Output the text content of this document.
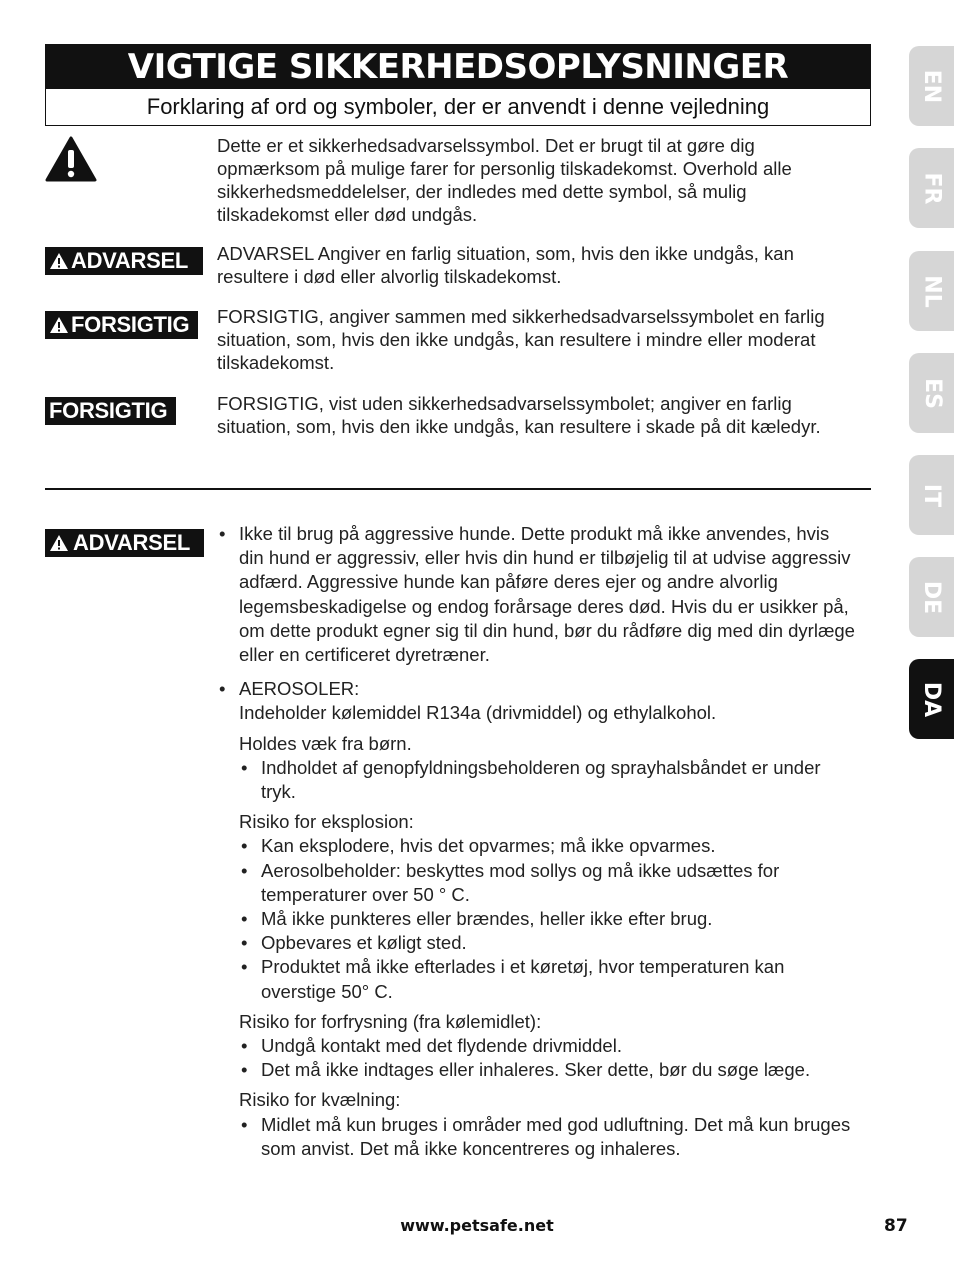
VIGTIGE SIKKERHEDSOPLYSNINGER
Forklaring af ord og symboler, der er anvendt i denne vejledning
Dette er et sikkerhedsadvarselssymbol. Det er brugt til at gøre dig opmærksom på mulige farer for personlig tilskadekomst. Overhold alle sikkerhedsmeddelelser, der indledes med dette symbol, så mulig tilskadekomst eller død undgås.
ADVARSEL ADVARSEL Angiver en farlig situation, som, hvis den ikke undgås, kan resultere i død eller alvorlig tilskadekomst.
FORSIGTIG FORSIGTIG, angiver sammen med sikkerhedsadvarselssymbolet en farlig situation, som, hvis den ikke undgås, kan resultere i mindre eller moderat tilskadekomst.
FORSIGTIG	FORSIGTIG, vist uden sikkerhedsadvarselssymbolet; angiver en farlig situation, som, hvis den ikke undgås, kan resultere i skade på dit kæledyr.
ADVARSEL
•	Ikke til brug på aggressive hunde. Dette produkt må ikke anvendes, hvis din hund er aggressiv, eller hvis din hund er tilbøjelig til at udvise aggressiv adfærd. Aggressive hunde kan påføre deres ejer og andre alvorlig legemsbeskadigelse og endog forårsage deres død. Hvis du er usikker på, om dette produkt egner sig til din hund, bør du rådføre dig med din dyrlæge eller en certificeret dyretræner.
• AEROSOLER:
Indeholder kølemiddel R134a (drivmiddel) og ethylalkohol.
Holdes væk fra børn.
• Indholdet af genopfyldningsbeholderen og sprayhalsbåndet er under tryk.
Risiko for eksplosion:
• Kan eksplodere, hvis det opvarmes; må ikke opvarmes.
• Aerosolbeholder: beskyttes mod sollys og må ikke udsættes for temperaturer over 50 ° C.
• Må ikke punkteres eller brændes, heller ikke efter brug.
• Opbevares et køligt sted.
• Produktet må ikke efterlades i et køretøj, hvor temperaturen kan overstige 50° C.
Risiko for forfrysning (fra kølemidlet):
• Undgå kontakt med det flydende drivmiddel.
• Det må ikke indtages eller inhaleres. Sker dette, bør du søge læge.
Risiko for kvælning:
• Midlet må kun bruges i områder med god udluftning. Det må kun bruges som anvist. Det må ikke koncentreres og inhaleres.
EN
FR
NL
ES
IT
DE
DA
www.petsafe.net	87
